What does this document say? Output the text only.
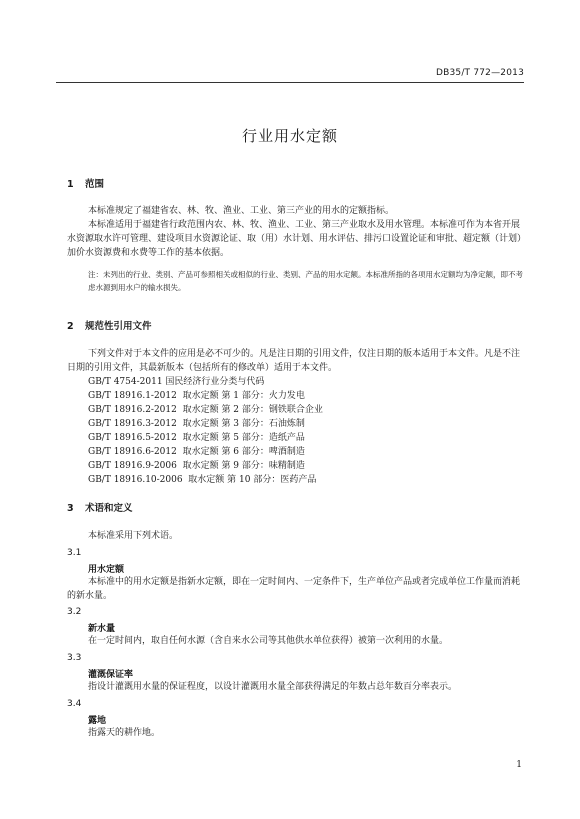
DB35/T 772—2013
行业用水定额
1 范围
本标准规定了福建省农、林、牧、渔业、工业、第三产业的用水的定额指标。
本标准适用于福建省行政范围内农、林、牧、渔业、工业、第三产业取水及用水管理。本标准可作为本省开展水资源取水许可管理、建设项目水资源论证、取（用）水计划、用水评估、排污口设置论证和审批、超定额（计划）加价水资源费和水费等工作的基本依据。
注：未列出的行业、类别、产品可参照相关或相似的行业、类别、产品的用水定额。本标准所指的各项用水定额均为净定额，即不考虑水源到用水户的输水损失。
2 规范性引用文件
下列文件对于本文件的应用是必不可少的。凡是注日期的引用文件，仅注日期的版本适用于本文件。凡是不注日期的引用文件，其最新版本（包括所有的修改单）适用于本文件。
GB/T 4754-2011 国民经济行业分类与代码
GB/T 18916.1-2012  取水定额 第 1 部分：火力发电
GB/T 18916.2-2012  取水定额 第 2 部分：钢铁联合企业
GB/T 18916.3-2012  取水定额 第 3 部分：石油炼制
GB/T 18916.5-2012  取水定额 第 5 部分：造纸产品
GB/T 18916.6-2012  取水定额 第 6 部分：啤酒制造
GB/T 18916.9-2006  取水定额 第 9 部分：味精制造
GB/T 18916.10-2006  取水定额 第 10 部分：医药产品
3 术语和定义
本标准采用下列术语。
3.1
用水定额
本标准中的用水定额是指新水定额，即在一定时间内、一定条件下，生产单位产品或者完成单位工作量而消耗的新水量。
3.2
新水量
在一定时间内，取自任何水源（含自来水公司等其他供水单位获得）被第一次利用的水量。
3.3
灌溉保证率
指设计灌溉用水量的保证程度，以设计灌溉用水量全部获得满足的年数占总年数百分率表示。
3.4
露地
指露天的耕作地。
1
